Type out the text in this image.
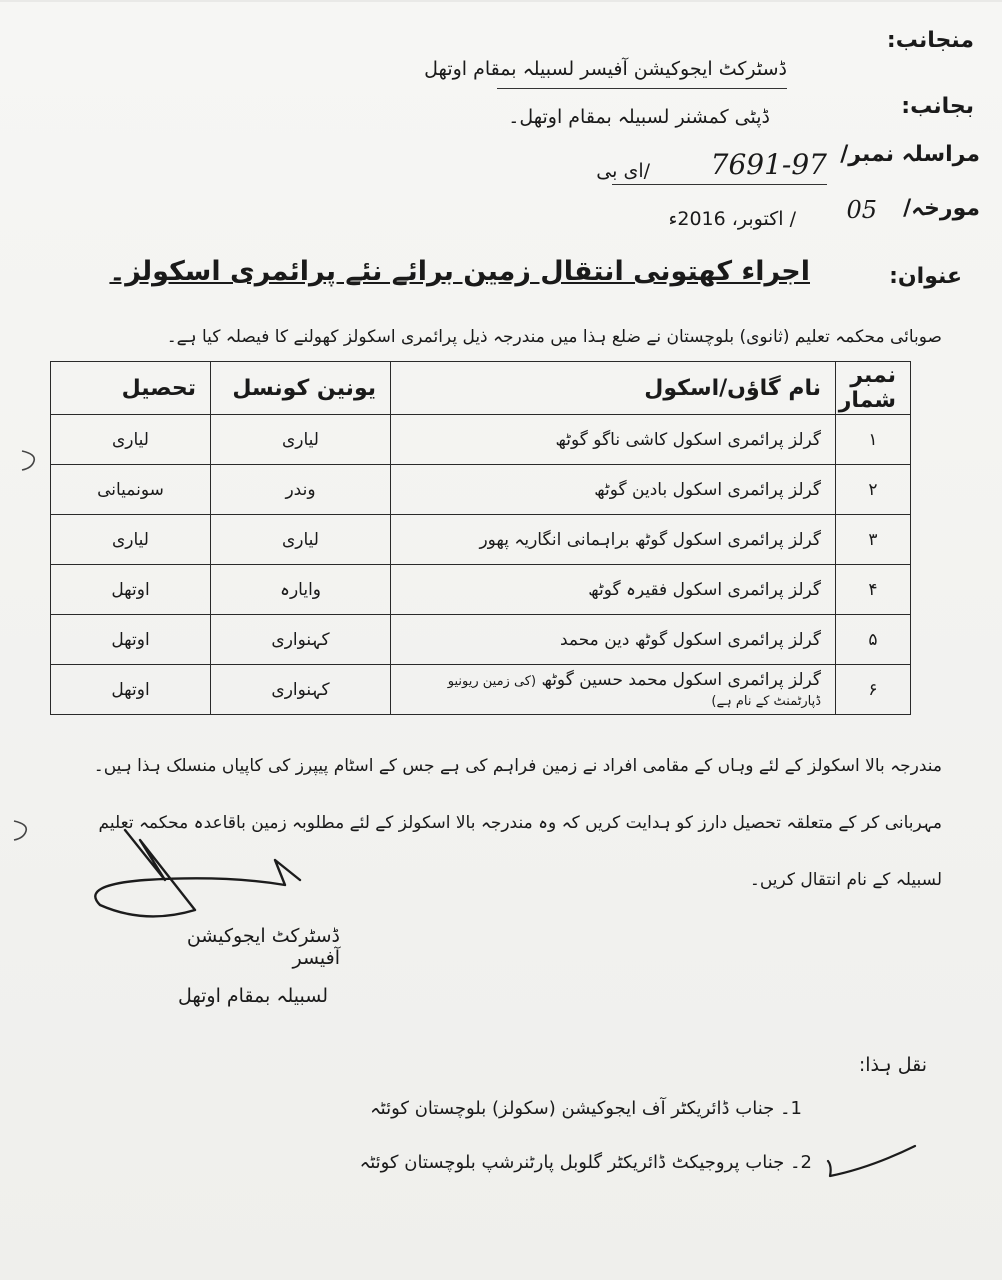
منجانب:
ڈسٹرکٹ ایجوکیشن آفیسر لسبیلہ بمقام اوتھل
بجانب:
ڈپٹی کمشنر لسبیلہ بمقام اوتھل۔
مراسلہ نمبر/
7691-97
/ای بی
مورخہ/
05
/ اکتوبر، 2016ء
عنوان:
اجراء کھتونی انتقال زمین برائے نئے پرائمری اسکولز۔
صوبائی محکمہ تعلیم (ثانوی) بلوچستان نے ضلع ہذا میں مندرجہ ذیل پرائمری اسکولز کھولنے کا فیصلہ کیا ہے۔
نمبر شمار	نام گاؤں/اسکول	یونین کونسل	تحصیل
۱	گرلز پرائمری اسکول کاشی ناگو گوٹھ	لیاری	لیاری
۲	گرلز پرائمری اسکول بادین گوٹھ	وندر	سونمیانی
۳	گرلز پرائمری اسکول گوٹھ براہمانی انگاریہ پھور	لیاری	لیاری
۴	گرلز پرائمری اسکول فقیرہ گوٹھ	وایارہ	اوتھل
۵	گرلز پرائمری اسکول گوٹھ دین محمد	کہنواری	اوتھل
۶	گرلز پرائمری اسکول محمد حسین گوٹھ (کی زمین ریونیو ڈپارٹمنٹ کے نام ہے)	کہنواری	اوتھل
مندرجہ بالا اسکولز کے لئے وہاں کے مقامی افراد نے زمین فراہم کی ہے جس کے اسٹام پیپرز کی کاپیاں منسلک ہذا ہیں۔ مہربانی کر کے متعلقہ تحصیل دارز کو ہدایت کریں کہ وہ مندرجہ بالا اسکولز کے لئے مطلوبہ زمین باقاعدہ محکمہ تعلیم لسبیلہ کے نام انتقال کریں۔
ڈسٹرکٹ ایجوکیشن آفیسر
لسبیلہ بمقام اوتھل
نقل ہذا:
1۔ جناب ڈائریکٹر آف ایجوکیشن (سکولز) بلوچستان کوئٹہ
2۔ جناب پروجیکٹ ڈائریکٹر گلوبل پارٹنرشپ بلوچستان کوئٹہ
